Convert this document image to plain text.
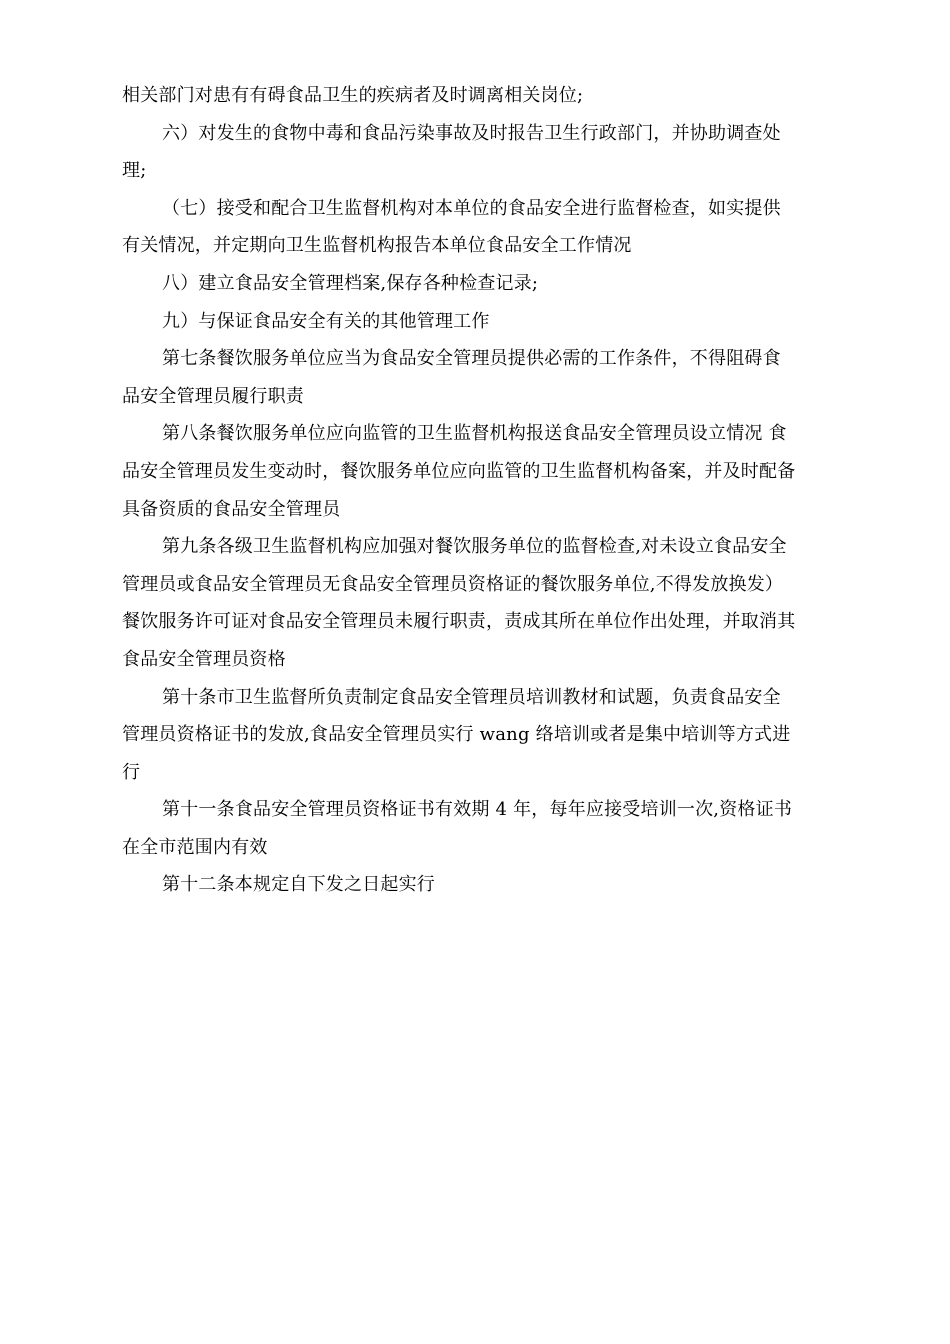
相关部门对患有有碍食品卫生的疾病者及时调离相关岗位;
六）对发生的食物中毒和食品污染事故及时报告卫生行政部门，并协助调查处
理;
（七）接受和配合卫生监督机构对本单位的食品安全进行监督检查，如实提供
有关情况，并定期向卫生监督机构报告本单位食品安全工作情况
八）建立食品安全管理档案,保存各种检查记录;
九）与保证食品安全有关的其他管理工作
第七条餐饮服务单位应当为食品安全管理员提供必需的工作条件，不得阻碍食
品安全管理员履行职责
第八条餐饮服务单位应向监管的卫生监督机构报送食品安全管理员设立情况 食
品安全管理员发生变动时，餐饮服务单位应向监管的卫生监督机构备案，并及时配备
具备资质的食品安全管理员
第九条各级卫生监督机构应加强对餐饮服务单位的监督检查,对未设立食品安全
管理员或食品安全管理员无食品安全管理员资格证的餐饮服务单位,不得发放换发）
餐饮服务许可证对食品安全管理员未履行职责，责成其所在单位作出处理，并取消其
食品安全管理员资格
第十条市卫生监督所负责制定食品安全管理员培训教材和试题，负责食品安全
管理员资格证书的发放,食品安全管理员实行 wang 络培训或者是集中培训等方式进
行
第十一条食品安全管理员资格证书有效期 4 年，每年应接受培训一次,资格证书
在全市范围内有效
第十二条本规定自下发之日起实行
